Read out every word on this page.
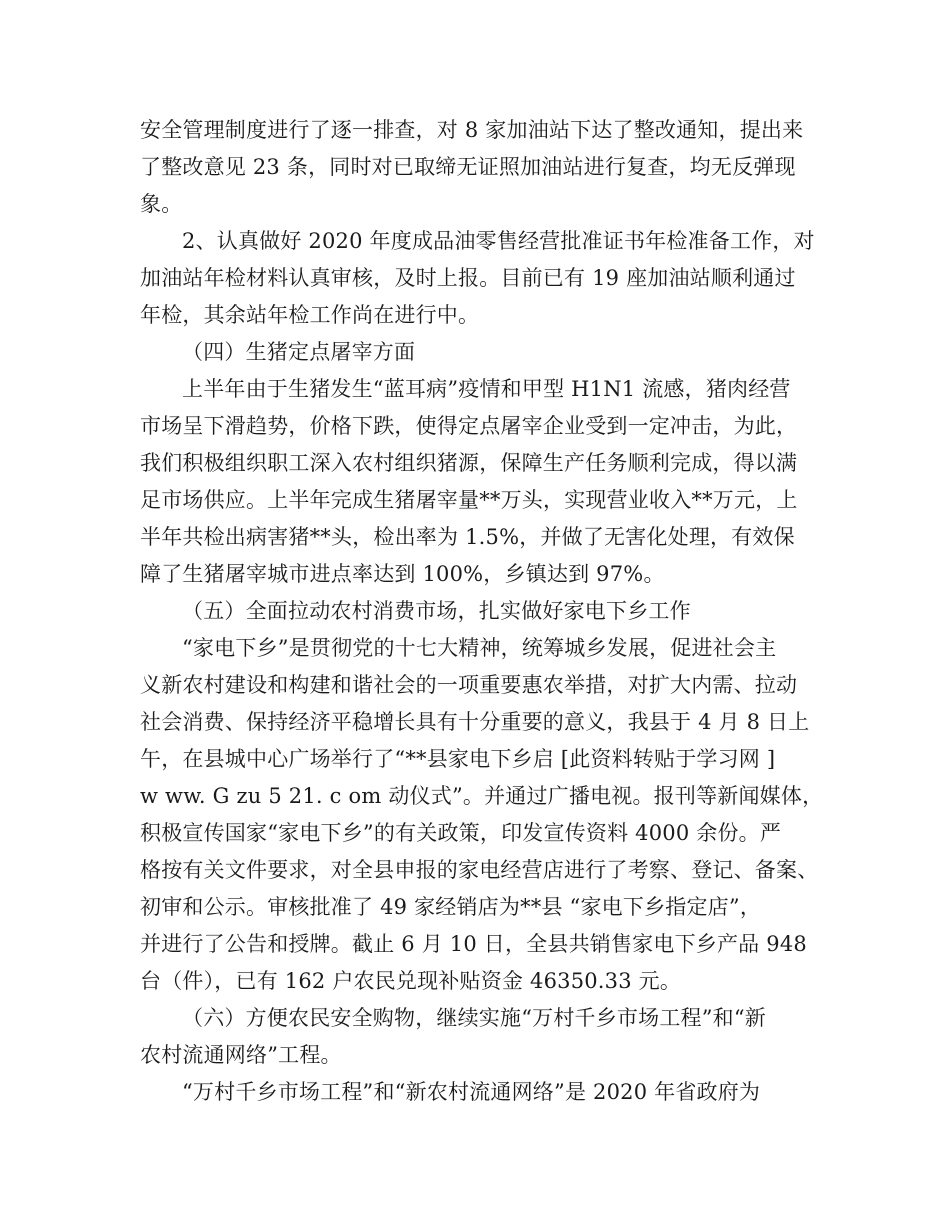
安全管理制度进行了逐一排查，对 8 家加油站下达了整改通知，提出来
了整改意见 23 条，同时对已取缔无证照加油站进行复查，均无反弹现
象。
2、认真做好 2020 年度成品油零售经营批准证书年检准备工作，对
加油站年检材料认真审核，及时上报。目前已有 19 座加油站顺利通过
年检，其余站年检工作尚在进行中。
（四）生猪定点屠宰方面
上半年由于生猪发生“蓝耳病”疫情和甲型 H1N1 流感，猪肉经营
市场呈下滑趋势，价格下跌，使得定点屠宰企业受到一定冲击，为此，
我们积极组织职工深入农村组织猪源，保障生产任务顺利完成，得以满
足市场供应。上半年完成生猪屠宰量**万头，实现营业收入**万元，上
半年共检出病害猪**头，检出率为 1.5%，并做了无害化处理，有效保
障了生猪屠宰城市进点率达到 100%，乡镇达到 97%。
（五）全面拉动农村消费市场，扎实做好家电下乡工作
“家电下乡”是贯彻党的十七大精神，统筹城乡发展，促进社会主
义新农村建设和构建和谐社会的一项重要惠农举措，对扩大内需、拉动
社会消费、保持经济平稳增长具有十分重要的意义，我县于 4 月 8 日上
午，在县城中心广场举行了“**县家电下乡启 [此资料转贴于学习网 ]
w ww. G zu 5 21. c om 动仪式”。并通过广播电视。报刊等新闻媒体，
积极宣传国家“家电下乡”的有关政策，印发宣传资料 4000 余份。严
格按有关文件要求，对全县申报的家电经营店进行了考察、登记、备案、
初审和公示。审核批准了 49 家经销店为**县 “家电下乡指定店”，
并进行了公告和授牌。截止 6 月 10 日，全县共销售家电下乡产品 948
台（件），已有 162 户农民兑现补贴资金 46350.33 元。
（六）方便农民安全购物，继续实施“万村千乡市场工程”和“新
农村流通网络”工程。
“万村千乡市场工程”和“新农村流通网络”是 2020 年省政府为
